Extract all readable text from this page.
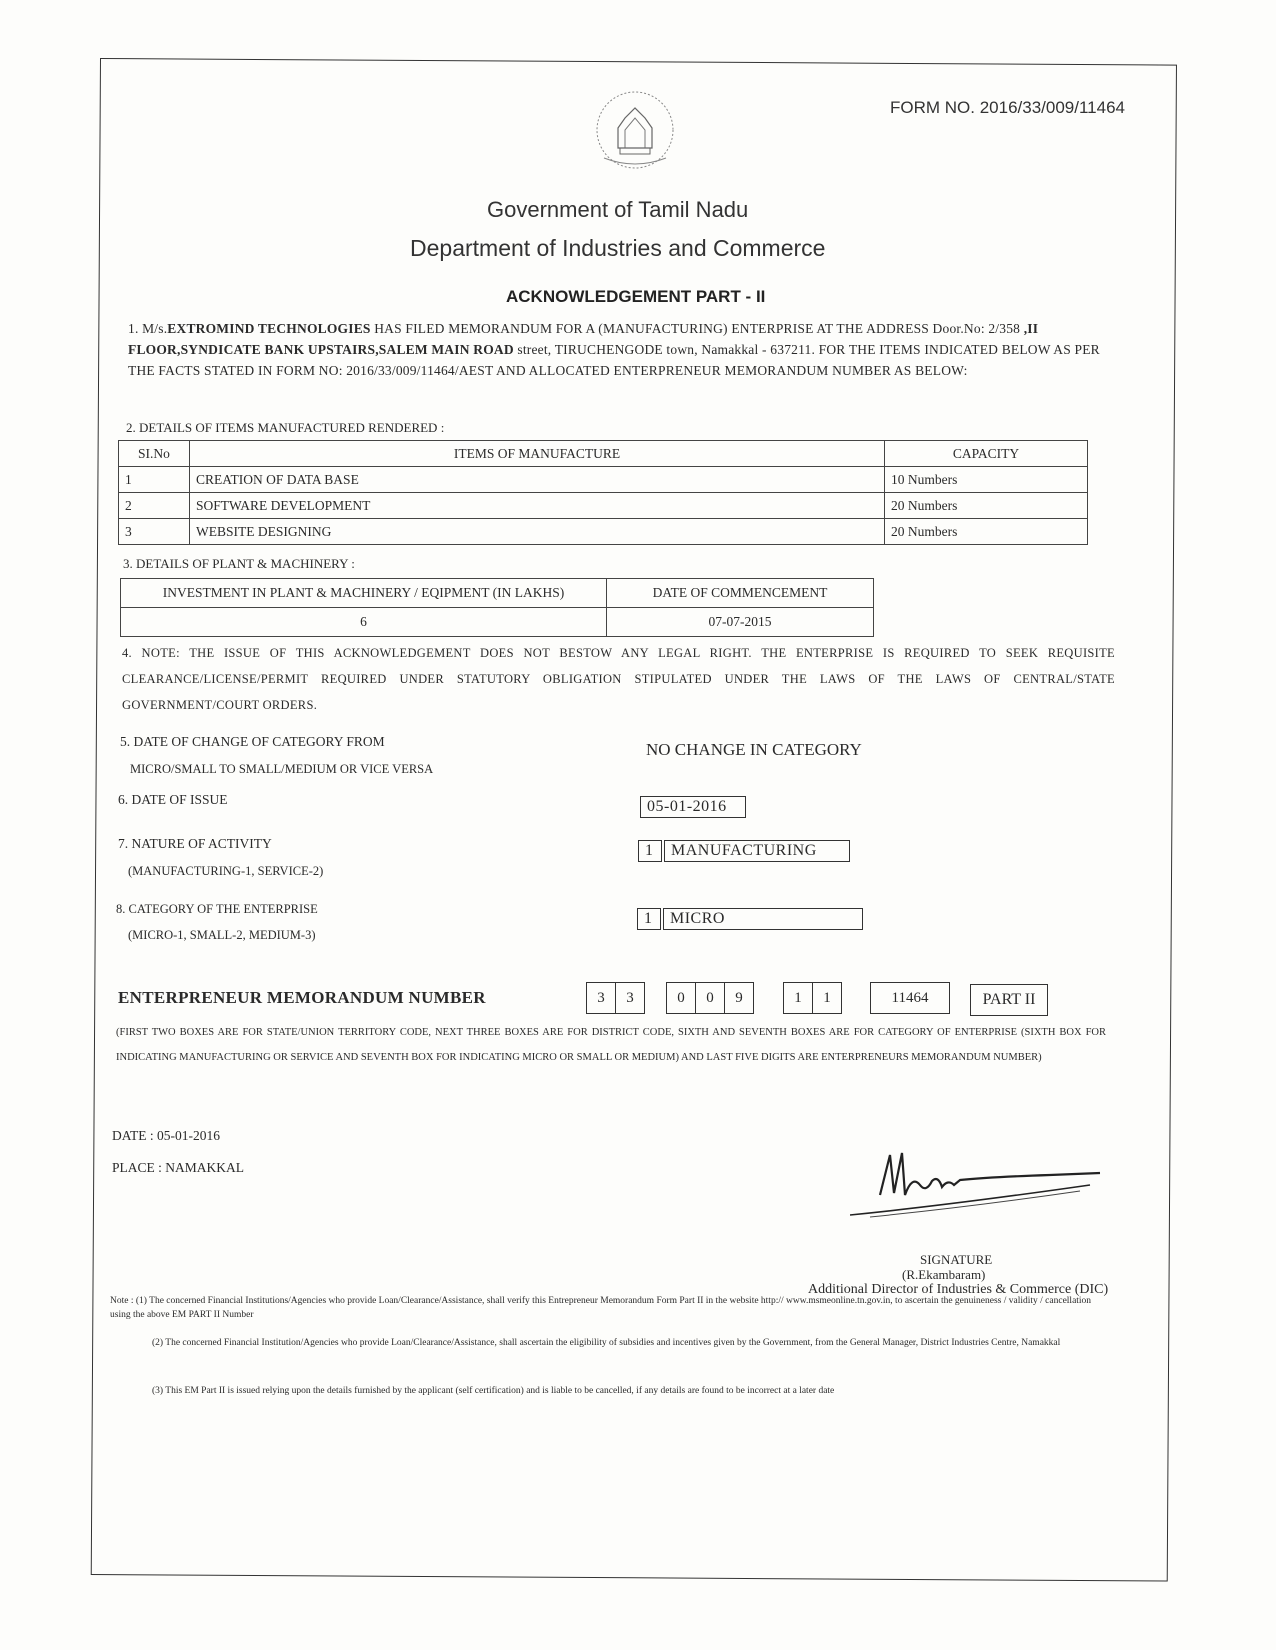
FORM NO. 2016/33/009/11464
Government of Tamil Nadu
Department of Industries and Commerce
ACKNOWLEDGEMENT PART - II
1. M/s.EXTROMIND TECHNOLOGIES HAS FILED MEMORANDUM FOR A (MANUFACTURING) ENTERPRISE AT THE ADDRESS Door.No: 2/358 ,II FLOOR,SYNDICATE BANK UPSTAIRS,SALEM MAIN ROAD street, TIRUCHENGODE town, Namakkal - 637211. FOR THE ITEMS INDICATED BELOW AS PER THE FACTS STATED IN FORM NO: 2016/33/009/11464/AEST AND ALLOCATED ENTERPRENEUR MEMORANDUM NUMBER AS BELOW:
2. DETAILS OF ITEMS MANUFACTURED RENDERED :
SI.No	ITEMS OF MANUFACTURE	CAPACITY
1	CREATION OF DATA BASE	10 Numbers
2	SOFTWARE DEVELOPMENT	20 Numbers
3	WEBSITE DESIGNING	20 Numbers
3. DETAILS OF PLANT & MACHINERY :
INVESTMENT IN PLANT & MACHINERY / EQIPMENT (IN LAKHS)	DATE OF COMMENCEMENT
6	07-07-2015
4. NOTE: THE ISSUE OF THIS ACKNOWLEDGEMENT DOES NOT BESTOW ANY LEGAL RIGHT. THE ENTERPRISE IS REQUIRED TO SEEK REQUISITE CLEARANCE/LICENSE/PERMIT REQUIRED UNDER STATUTORY OBLIGATION STIPULATED UNDER THE LAWS OF THE LAWS OF CENTRAL/STATE GOVERNMENT/COURT ORDERS.
5. DATE OF CHANGE OF CATEGORY FROM
MICRO/SMALL TO SMALL/MEDIUM OR VICE VERSA
NO CHANGE IN CATEGORY
6. DATE OF ISSUE	05-01-2016
7. NATURE OF ACTIVITY
(MANUFACTURING-1, SERVICE-2)
1	MANUFACTURING
8. CATEGORY OF THE ENTERPRISE
(MICRO-1, SMALL-2, MEDIUM-3)
1	MICRO
ENTERPRENEUR MEMORANDUM NUMBER	3	3	0	0	9	1	1	11464	PART II
(FIRST TWO BOXES ARE FOR STATE/UNION TERRITORY CODE, NEXT THREE BOXES ARE FOR DISTRICT CODE, SIXTH AND SEVENTH BOXES ARE FOR CATEGORY OF ENTERPRISE (SIXTH BOX FOR INDICATING MANUFACTURING OR SERVICE AND SEVENTH BOX FOR INDICATING MICRO OR SMALL OR MEDIUM) AND LAST FIVE DIGITS ARE ENTERPRENEURS MEMORANDUM NUMBER)
DATE : 05-01-2016
PLACE : NAMAKKAL
SIGNATURE
(R.Ekambaram)
Additional Director of Industries & Commerce (DIC)
Note : (1) The concerned Financial Institutions/Agencies who provide Loan/Clearance/Assistance, shall verify this Entrepreneur Memorandum Form Part II in the website http:// www.msmeonline.tn.gov.in, to ascertain the genuineness / validity / cancellation using the above EM PART II Number
(2) The concerned Financial Institution/Agencies who provide Loan/Clearance/Assistance, shall ascertain the eligibility of subsidies and incentives given by the Government, from the General Manager, District Industries Centre, Namakkal
(3) This EM Part II is issued relying upon the details furnished by the applicant (self certification) and is liable to be cancelled, if any details are found to be incorrect at a later date
